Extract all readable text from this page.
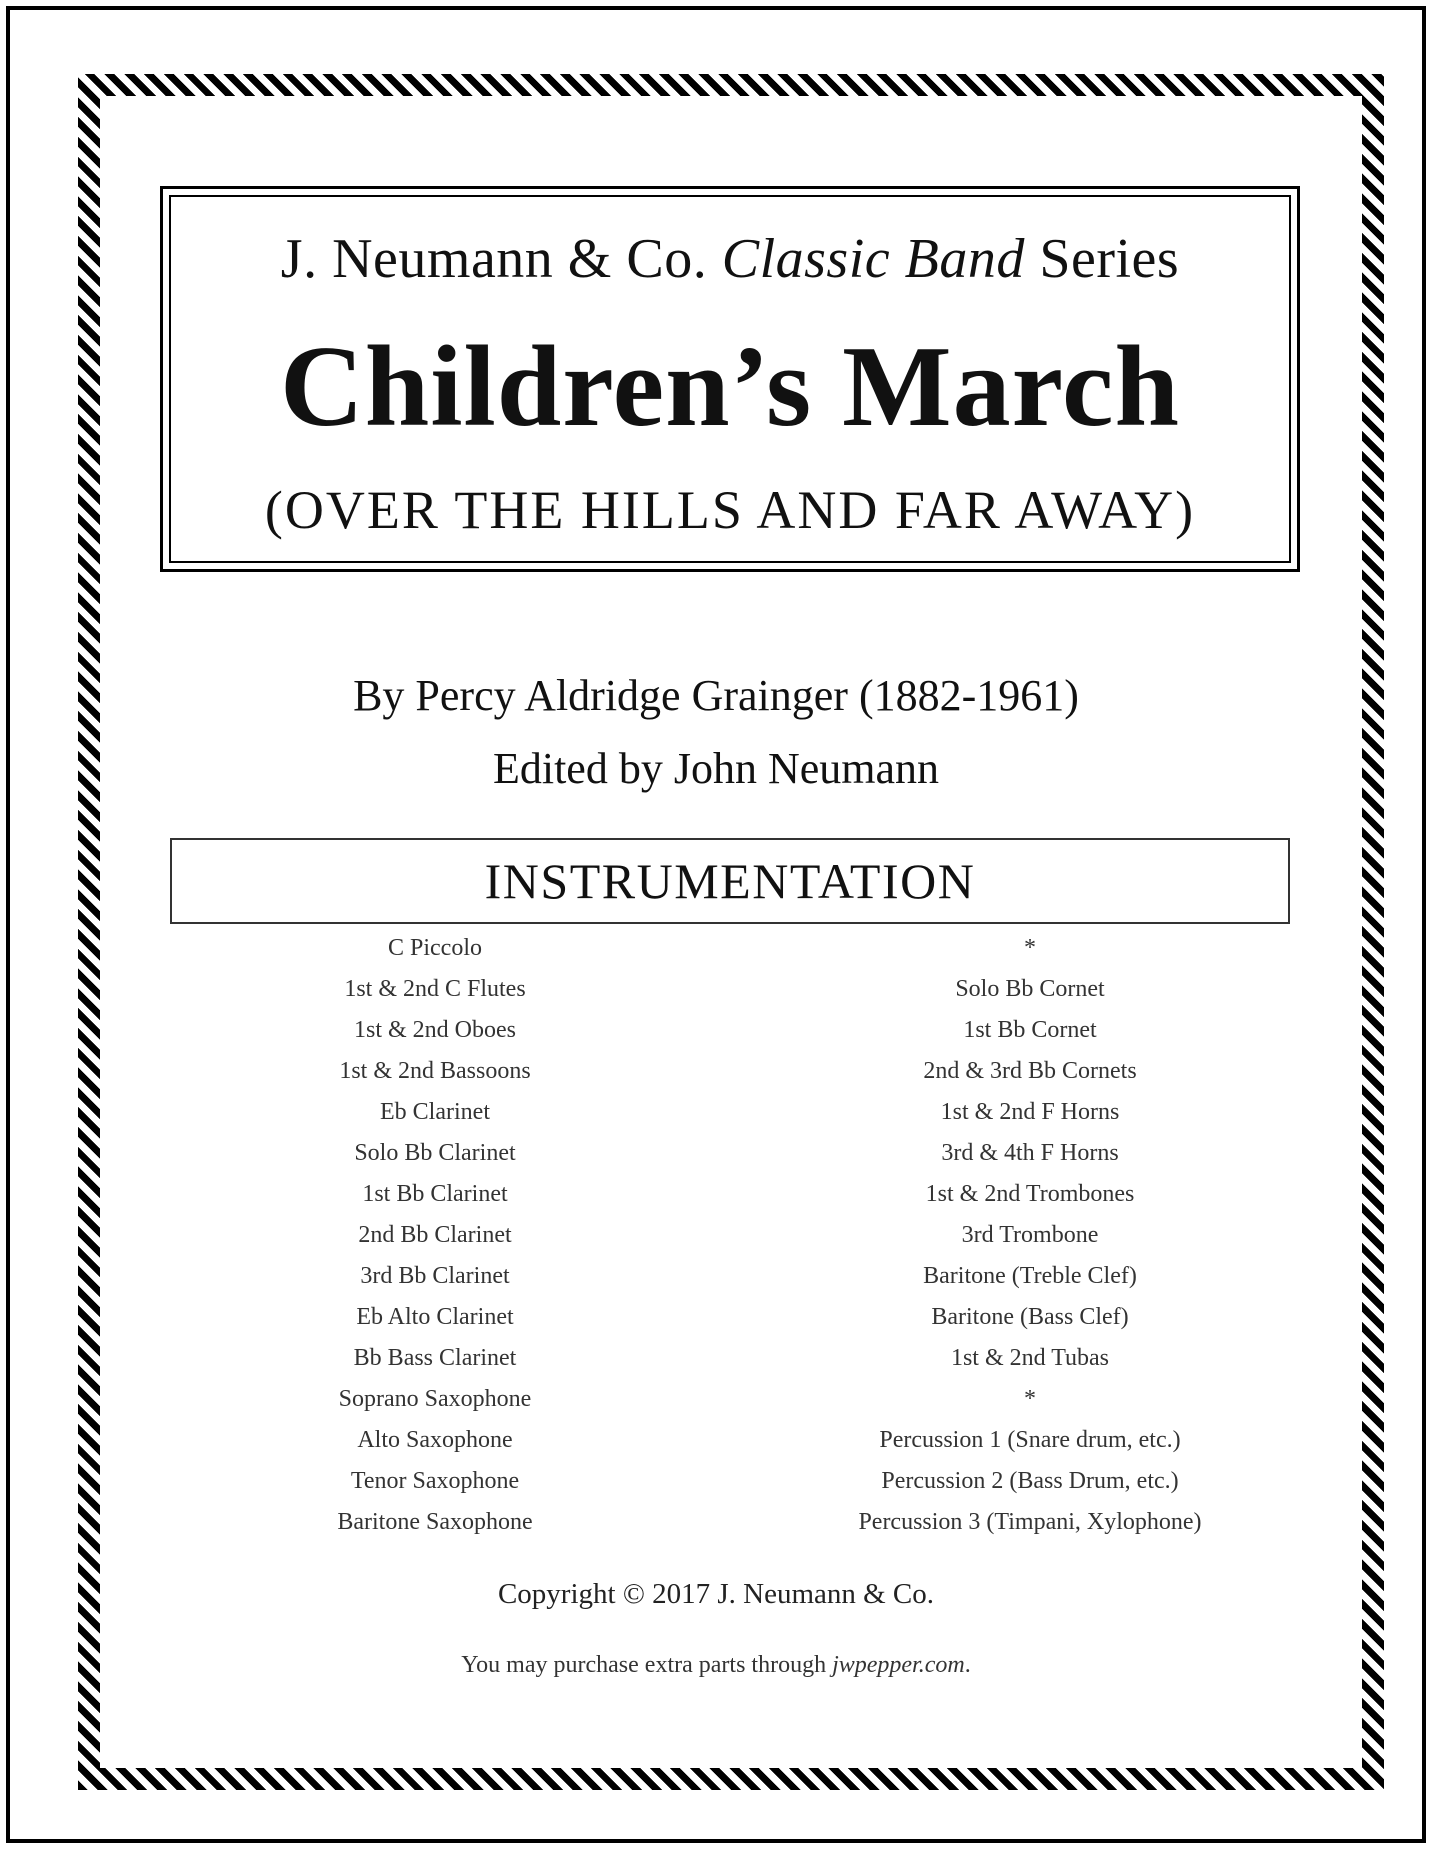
J. Neumann & Co. Classic Band Series
Children’s March
(OVER THE HILLS AND FAR AWAY)
By Percy Aldridge Grainger (1882-1961)
Edited by John Neumann
INSTRUMENTATION
C Piccolo
1st & 2nd C Flutes
1st & 2nd Oboes
1st & 2nd Bassoons
Eb Clarinet
Solo Bb Clarinet
1st Bb Clarinet
2nd Bb Clarinet
3rd Bb Clarinet
Eb Alto Clarinet
Bb Bass Clarinet
Soprano Saxophone
Alto Saxophone
Tenor Saxophone
Baritone Saxophone
*
Solo Bb Cornet
1st Bb Cornet
2nd & 3rd Bb Cornets
1st & 2nd F Horns
3rd & 4th F Horns
1st & 2nd Trombones
3rd Trombone
Baritone (Treble Clef)
Baritone (Bass Clef)
1st & 2nd Tubas
*
Percussion 1 (Snare drum, etc.)
Percussion 2 (Bass Drum, etc.)
Percussion 3 (Timpani, Xylophone)
Copyright © 2017 J. Neumann & Co.
You may purchase extra parts through jwpepper.com.
